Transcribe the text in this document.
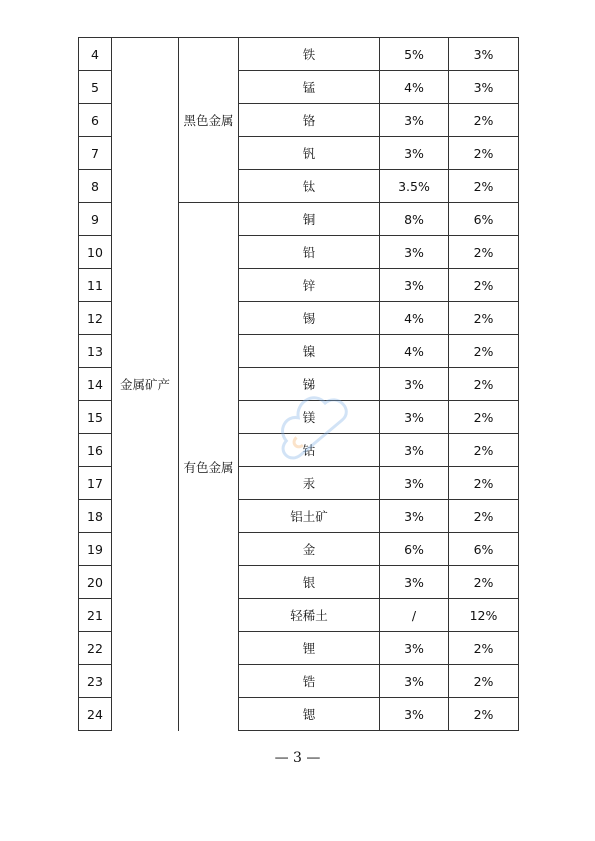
4	金属矿产	黑色金属	铁	5%	3%
5			锰	4%	3%
6			铬	3%	2%
7			钒	3%	2%
8			钛	3.5%	2%
9		有色金属	铜	8%	6%
10			铅	3%	2%
11			锌	3%	2%
12			锡	4%	2%
13			镍	4%	2%
14			锑	3%	2%
15			镁	3%	2%
16			钴	3%	2%
17			汞	3%	2%
18			铝土矿	3%	2%
19			金	6%	6%
20			银	3%	2%
21			轻稀土	/	12%
22			锂	3%	2%
23			锆	3%	2%
24			锶	3%	2%
— 3 —
